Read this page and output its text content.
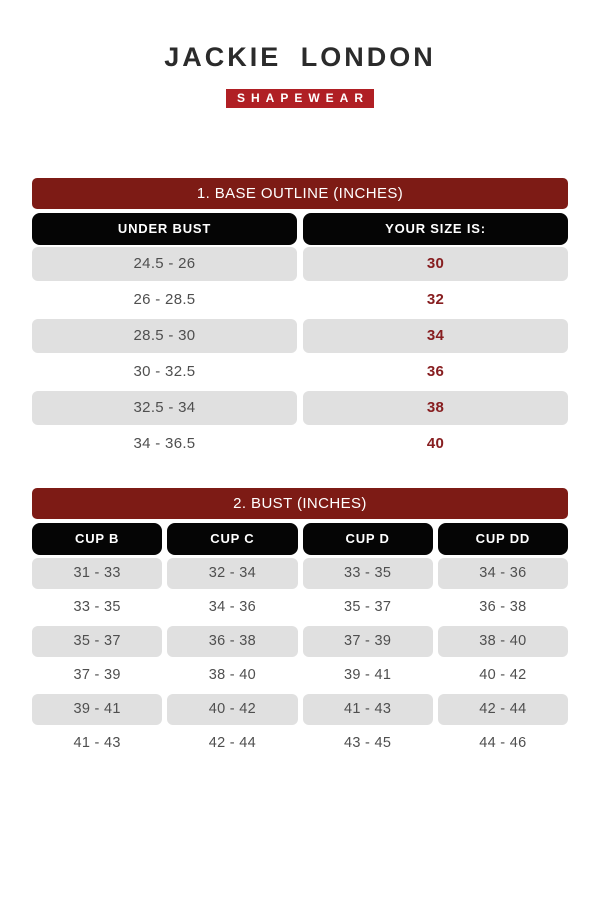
JACKIE LONDON

SHAPEWEAR
1. BASE OUTLINE (INCHES)
UNDER BUST	YOUR SIZE IS:
24.5 - 26	30
26 - 28.5	32
28.5 - 30	34
30 - 32.5	36
32.5 - 34	38
34 - 36.5	40
2. BUST (INCHES)
CUP B	CUP C	CUP D	CUP DD
31 - 33	32 - 34	33 - 35	34 - 36
33 - 35	34 - 36	35 - 37	36 - 38
35 - 37	36 - 38	37 - 39	38 - 40
37 - 39	38 - 40	39 - 41	40 - 42
39 - 41	40 - 42	41 - 43	42 - 44
41 - 43	42 - 44	43 - 45	44 - 46
